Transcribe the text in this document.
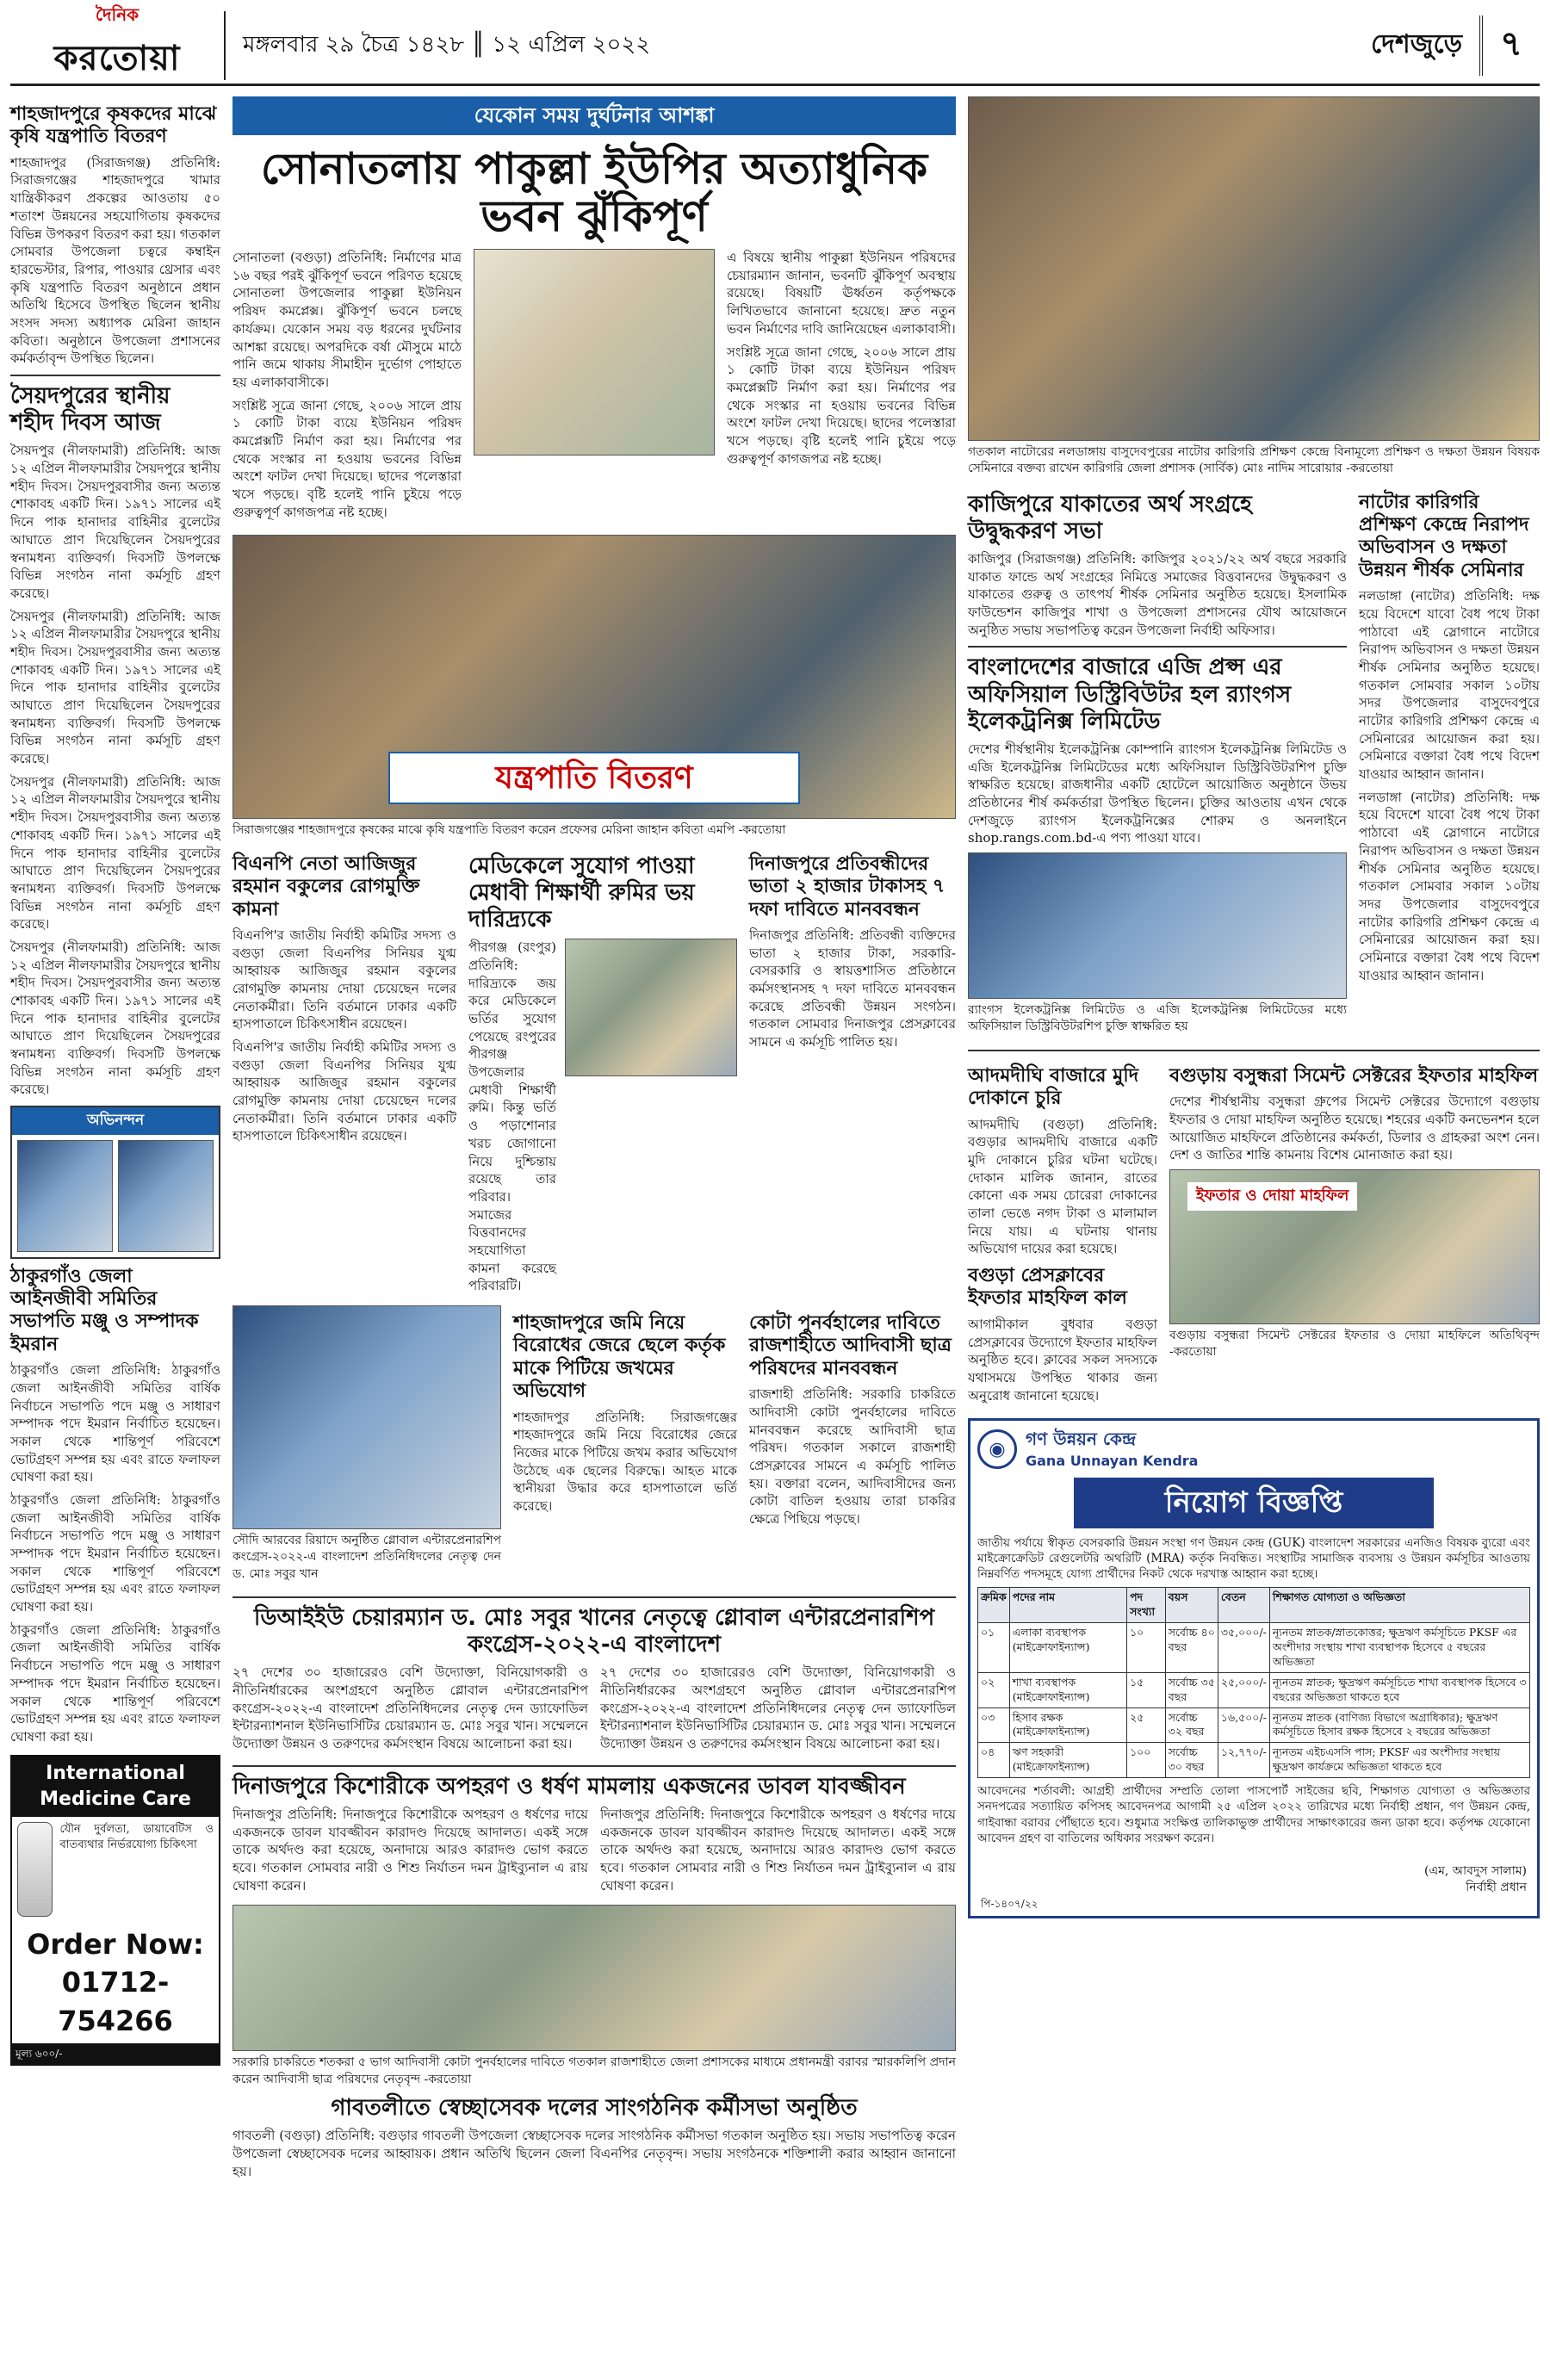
দৈনিক
করতোয়া	মঙ্গলবার ২৯ চৈত্র ১৪২৮ ║ ১২ এপ্রিল ২০২২	দেশজুড়ে	৭
শাহজাদপুরে কৃষকদের মাঝে কৃষি যন্ত্রপাতি বিতরণ

শাহজাদপুর (সিরাজগঞ্জ) প্রতিনিধি: সিরাজগঞ্জের শাহজাদপুরে খামার যান্ত্রিকীকরণ প্রকল্পের আওতায় ৫০ শতাংশ উন্নয়নের সহযোগিতায় কৃষকদের বিভিন্ন উপকরণ বিতরণ করা হয়। গতকাল সোমবার উপজেলা চত্বরে কম্বাইন হারভেস্টার, রিপার, পাওয়ার থ্রেসার এবং কৃষি যন্ত্রপাতি বিতরণ অনুষ্ঠানে প্রধান অতিথি হিসেবে উপস্থিত ছিলেন স্থানীয় সংসদ সদস্য অধ্যাপক মেরিনা জাহান কবিতা। অনুষ্ঠানে উপজেলা প্রশাসনের কর্মকর্তাবৃন্দ উপস্থিত ছিলেন।

সৈয়দপুরের স্থানীয় শহীদ দিবস আজ

সৈয়দপুর (নীলফামারী) প্রতিনিধি: আজ ১২ এপ্রিল নীলফামারীর সৈয়দপুরে স্থানীয় শহীদ দিবস। সৈয়দপুরবাসীর জন্য অত্যন্ত শোকাবহ একটি দিন। ১৯৭১ সালের এই দিনে পাক হানাদার বাহিনীর বুলেটের আঘাতে প্রাণ দিয়েছিলেন সৈয়দপুরের স্বনামধন্য ব্যক্তিবর্গ। দিবসটি উপলক্ষে বিভিন্ন সংগঠন নানা কর্মসূচি গ্রহণ করেছে।

সৈয়দপুর (নীলফামারী) প্রতিনিধি: আজ ১২ এপ্রিল নীলফামারীর সৈয়দপুরে স্থানীয় শহীদ দিবস। সৈয়দপুরবাসীর জন্য অত্যন্ত শোকাবহ একটি দিন। ১৯৭১ সালের এই দিনে পাক হানাদার বাহিনীর বুলেটের আঘাতে প্রাণ দিয়েছিলেন সৈয়দপুরের স্বনামধন্য ব্যক্তিবর্গ। দিবসটি উপলক্ষে বিভিন্ন সংগঠন নানা কর্মসূচি গ্রহণ করেছে।

সৈয়দপুর (নীলফামারী) প্রতিনিধি: আজ ১২ এপ্রিল নীলফামারীর সৈয়দপুরে স্থানীয় শহীদ দিবস। সৈয়দপুরবাসীর জন্য অত্যন্ত শোকাবহ একটি দিন। ১৯৭১ সালের এই দিনে পাক হানাদার বাহিনীর বুলেটের আঘাতে প্রাণ দিয়েছিলেন সৈয়দপুরের স্বনামধন্য ব্যক্তিবর্গ। দিবসটি উপলক্ষে বিভিন্ন সংগঠন নানা কর্মসূচি গ্রহণ করেছে।

সৈয়দপুর (নীলফামারী) প্রতিনিধি: আজ ১২ এপ্রিল নীলফামারীর সৈয়দপুরে স্থানীয় শহীদ দিবস। সৈয়দপুরবাসীর জন্য অত্যন্ত শোকাবহ একটি দিন। ১৯৭১ সালের এই দিনে পাক হানাদার বাহিনীর বুলেটের আঘাতে প্রাণ দিয়েছিলেন সৈয়দপুরের স্বনামধন্য ব্যক্তিবর্গ। দিবসটি উপলক্ষে বিভিন্ন সংগঠন নানা কর্মসূচি গ্রহণ করেছে।

অভিনন্দন
ঠাকুরগাঁও জেলা আইনজীবী সমিতির সভাপতি মঞ্জু ও সম্পাদক ইমরান

ঠাকুরগাঁও জেলা প্রতিনিধি: ঠাকুরগাঁও জেলা আইনজীবী সমিতির বার্ষিক নির্বাচনে সভাপতি পদে মঞ্জু ও সাধারণ সম্পাদক পদে ইমরান নির্বাচিত হয়েছেন। সকাল থেকে শান্তিপূর্ণ পরিবেশে ভোটগ্রহণ সম্পন্ন হয় এবং রাতে ফলাফল ঘোষণা করা হয়।

ঠাকুরগাঁও জেলা প্রতিনিধি: ঠাকুরগাঁও জেলা আইনজীবী সমিতির বার্ষিক নির্বাচনে সভাপতি পদে মঞ্জু ও সাধারণ সম্পাদক পদে ইমরান নির্বাচিত হয়েছেন। সকাল থেকে শান্তিপূর্ণ পরিবেশে ভোটগ্রহণ সম্পন্ন হয় এবং রাতে ফলাফল ঘোষণা করা হয়।

ঠাকুরগাঁও জেলা প্রতিনিধি: ঠাকুরগাঁও জেলা আইনজীবী সমিতির বার্ষিক নির্বাচনে সভাপতি পদে মঞ্জু ও সাধারণ সম্পাদক পদে ইমরান নির্বাচিত হয়েছেন। সকাল থেকে শান্তিপূর্ণ পরিবেশে ভোটগ্রহণ সম্পন্ন হয় এবং রাতে ফলাফল ঘোষণা করা হয়।

International Medicine Care
যৌন দুর্বলতা, ডায়াবেটিস ও বাতব্যথার নির্ভরযোগ্য চিকিৎসা
Order Now: 01712-754266
মূল্য ৬০০/-
যেকোন সময় দুর্ঘটনার আশঙ্কা
সোনাতলায় পাকুল্লা ইউপির অত্যাধুনিক ভবন ঝুঁকিপূর্ণ

সোনাতলা (বগুড়া) প্রতিনিধি: নির্মাণের মাত্র ১৬ বছর পরই ঝুঁকিপূর্ণ ভবনে পরিণত হয়েছে সোনাতলা উপজেলার পাকুল্লা ইউনিয়ন পরিষদ কমপ্লেক্স। ঝুঁকিপূর্ণ ভবনে চলছে কার্যক্রম। যেকোন সময় বড় ধরনের দুর্ঘটনার আশঙ্কা রয়েছে। অপরদিকে বর্ষা মৌসুমে মাঠে পানি জমে থাকায় সীমাহীন দুর্ভোগ পোহাতে হয় এলাকাবাসীকে।

সংশ্লিষ্ট সূত্রে জানা গেছে, ২০০৬ সালে প্রায় ১ কোটি টাকা ব্যয়ে ইউনিয়ন পরিষদ কমপ্লেক্সটি নির্মাণ করা হয়। নির্মাণের পর থেকে সংস্কার না হওয়ায় ভবনের বিভিন্ন অংশে ফাটল দেখা দিয়েছে। ছাদের পলেস্তারা খসে পড়ছে। বৃষ্টি হলেই পানি চুইয়ে পড়ে গুরুত্বপূর্ণ কাগজপত্র নষ্ট হচ্ছে।

এ বিষয়ে স্থানীয় পাকুল্লা ইউনিয়ন পরিষদের চেয়ারম্যান জানান, ভবনটি ঝুঁকিপূর্ণ অবস্থায় রয়েছে। বিষয়টি ঊর্ধ্বতন কর্তৃপক্ষকে লিখিতভাবে জানানো হয়েছে। দ্রুত নতুন ভবন নির্মাণের দাবি জানিয়েছেন এলাকাবাসী।

সংশ্লিষ্ট সূত্রে জানা গেছে, ২০০৬ সালে প্রায় ১ কোটি টাকা ব্যয়ে ইউনিয়ন পরিষদ কমপ্লেক্সটি নির্মাণ করা হয়। নির্মাণের পর থেকে সংস্কার না হওয়ায় ভবনের বিভিন্ন অংশে ফাটল দেখা দিয়েছে। ছাদের পলেস্তারা খসে পড়ছে। বৃষ্টি হলেই পানি চুইয়ে পড়ে গুরুত্বপূর্ণ কাগজপত্র নষ্ট হচ্ছে।

যন্ত্রপাতি বিতরণ
সিরাজগঞ্জের শাহজাদপুরে কৃষকের মাঝে কৃষি যন্ত্রপাতি বিতরণ করেন প্রফেসর মেরিনা জাহান কবিতা এমপি -করতোয়া
বিএনপি নেতা আজিজুর রহমান বকুলের রোগমুক্তি কামনা

বিএনপি'র জাতীয় নির্বাহী কমিটির সদস্য ও বগুড়া জেলা বিএনপির সিনিয়র যুগ্ম আহ্বায়ক আজিজুর রহমান বকুলের রোগমুক্তি কামনায় দোয়া চেয়েছেন দলের নেতাকর্মীরা। তিনি বর্তমানে ঢাকার একটি হাসপাতালে চিকিৎসাধীন রয়েছেন।

বিএনপি'র জাতীয় নির্বাহী কমিটির সদস্য ও বগুড়া জেলা বিএনপির সিনিয়র যুগ্ম আহ্বায়ক আজিজুর রহমান বকুলের রোগমুক্তি কামনায় দোয়া চেয়েছেন দলের নেতাকর্মীরা। তিনি বর্তমানে ঢাকার একটি হাসপাতালে চিকিৎসাধীন রয়েছেন।

মেডিকেলে সুযোগ পাওয়া মেধাবী শিক্ষার্থী রুমির ভয় দারিদ্র্যকে

পীরগঞ্জ (রংপুর) প্রতিনিধি: দারিদ্র্যকে জয় করে মেডিকেলে ভর্তির সুযোগ পেয়েছে রংপুরের পীরগঞ্জ উপজেলার মেধাবী শিক্ষার্থী রুমি। কিন্তু ভর্তি ও পড়াশোনার খরচ জোগানো নিয়ে দুশ্চিন্তায় রয়েছে তার পরিবার। সমাজের বিত্তবানদের সহযোগিতা কামনা করেছে পরিবারটি।

দিনাজপুরে প্রতিবন্ধীদের ভাতা ২ হাজার টাকাসহ ৭ দফা দাবিতে মানববন্ধন

দিনাজপুর প্রতিনিধি: প্রতিবন্ধী ব্যক্তিদের ভাতা ২ হাজার টাকা, সরকারি-বেসরকারি ও স্বায়ত্তশাসিত প্রতিষ্ঠানে কর্মসংস্থানসহ ৭ দফা দাবিতে মানববন্ধন করেছে প্রতিবন্ধী উন্নয়ন সংগঠন। গতকাল সোমবার দিনাজপুর প্রেসক্লাবের সামনে এ কর্মসূচি পালিত হয়।

সৌদি আরবের রিয়াদে অনুষ্ঠিত গ্লোবাল এন্টারপ্রেনারশিপ কংগ্রেস-২০২২-এ বাংলাদেশ প্রতিনিধিদলের নেতৃত্ব দেন ড. মোঃ সবুর খান
শাহজাদপুরে জমি নিয়ে বিরোধের জেরে ছেলে কর্তৃক মাকে পিটিয়ে জখমের অভিযোগ

শাহজাদপুর প্রতিনিধি: সিরাজগঞ্জের শাহজাদপুরে জমি নিয়ে বিরোধের জেরে নিজের মাকে পিটিয়ে জখম করার অভিযোগ উঠেছে এক ছেলের বিরুদ্ধে। আহত মাকে স্থানীয়রা উদ্ধার করে হাসপাতালে ভর্তি করেছে।

কোটা পুনর্বহালের দাবিতে রাজশাহীতে আদিবাসী ছাত্র পরিষদের মানববন্ধন

রাজশাহী প্রতিনিধি: সরকারি চাকরিতে আদিবাসী কোটা পুনর্বহালের দাবিতে মানববন্ধন করেছে আদিবাসী ছাত্র পরিষদ। গতকাল সকালে রাজশাহী প্রেসক্লাবের সামনে এ কর্মসূচি পালিত হয়। বক্তারা বলেন, আদিবাসীদের জন্য কোটা বাতিল হওয়ায় তারা চাকরির ক্ষেত্রে পিছিয়ে পড়ছে।

ডিআইইউ চেয়ারম্যান ড. মোঃ সবুর খানের নেতৃত্বে গ্লোবাল এন্টারপ্রেনারশিপ কংগ্রেস-২০২২-এ বাংলাদেশ

২৭ দেশের ৩০ হাজারেরও বেশি উদ্যোক্তা, বিনিয়োগকারী ও নীতিনির্ধারকের অংশগ্রহণে অনুষ্ঠিত গ্লোবাল এন্টারপ্রেনারশিপ কংগ্রেস-২০২২-এ বাংলাদেশ প্রতিনিধিদলের নেতৃত্ব দেন ড্যাফোডিল ইন্টারন্যাশনাল ইউনিভার্সিটির চেয়ারম্যান ড. মোঃ সবুর খান। সম্মেলনে উদ্যোক্তা উন্নয়ন ও তরুণদের কর্মসংস্থান বিষয়ে আলোচনা করা হয়।

২৭ দেশের ৩০ হাজারেরও বেশি উদ্যোক্তা, বিনিয়োগকারী ও নীতিনির্ধারকের অংশগ্রহণে অনুষ্ঠিত গ্লোবাল এন্টারপ্রেনারশিপ কংগ্রেস-২০২২-এ বাংলাদেশ প্রতিনিধিদলের নেতৃত্ব দেন ড্যাফোডিল ইন্টারন্যাশনাল ইউনিভার্সিটির চেয়ারম্যান ড. মোঃ সবুর খান। সম্মেলনে উদ্যোক্তা উন্নয়ন ও তরুণদের কর্মসংস্থান বিষয়ে আলোচনা করা হয়।

দিনাজপুরে কিশোরীকে অপহরণ ও ধর্ষণ মামলায় একজনের ডাবল যাবজ্জীবন

দিনাজপুর প্রতিনিধি: দিনাজপুরে কিশোরীকে অপহরণ ও ধর্ষণের দায়ে একজনকে ডাবল যাবজ্জীবন কারাদণ্ড দিয়েছে আদালত। একই সঙ্গে তাকে অর্থদণ্ড করা হয়েছে, অনাদায়ে আরও কারাদণ্ড ভোগ করতে হবে। গতকাল সোমবার নারী ও শিশু নির্যাতন দমন ট্রাইব্যুনাল এ রায় ঘোষণা করেন।

দিনাজপুর প্রতিনিধি: দিনাজপুরে কিশোরীকে অপহরণ ও ধর্ষণের দায়ে একজনকে ডাবল যাবজ্জীবন কারাদণ্ড দিয়েছে আদালত। একই সঙ্গে তাকে অর্থদণ্ড করা হয়েছে, অনাদায়ে আরও কারাদণ্ড ভোগ করতে হবে। গতকাল সোমবার নারী ও শিশু নির্যাতন দমন ট্রাইব্যুনাল এ রায় ঘোষণা করেন।

সরকারি চাকরিতে শতকরা ৫ ভাগ আদিবাসী কোটা পুনর্বহালের দাবিতে গতকাল রাজশাহীতে জেলা প্রশাসকের মাধ্যমে প্রধানমন্ত্রী বরাবর স্মারকলিপি প্রদান করেন আদিবাসী ছাত্র পরিষদের নেতৃবৃন্দ -করতোয়া
গাবতলীতে স্বেচ্ছাসেবক দলের সাংগঠনিক কর্মীসভা অনুষ্ঠিত

গাবতলী (বগুড়া) প্রতিনিধি: বগুড়ার গাবতলী উপজেলা স্বেচ্ছাসেবক দলের সাংগঠনিক কর্মীসভা গতকাল অনুষ্ঠিত হয়। সভায় সভাপতিত্ব করেন উপজেলা স্বেচ্ছাসেবক দলের আহ্বায়ক। প্রধান অতিথি ছিলেন জেলা বিএনপির নেতৃবৃন্দ। সভায় সংগঠনকে শক্তিশালী করার আহ্বান জানানো হয়।

গতকাল নাটোরের নলডাঙ্গায় বাসুদেবপুরের নাটোর কারিগরি প্রশিক্ষণ কেন্দ্রে বিনামূল্যে প্রশিক্ষণ ও দক্ষতা উন্নয়ন বিষয়ক সেমিনারে বক্তব্য রাখেন কারিগরি জেলা প্রশাসক (সার্বিক) মোঃ নাদিম সারোয়ার -করতোয়া
কাজিপুরে যাকাতের অর্থ সংগ্রহে উদ্বুদ্ধকরণ সভা

কাজিপুর (সিরাজগঞ্জ) প্রতিনিধি: কাজিপুর ২০২১/২২ অর্থ বছরে সরকারি যাকাত ফান্ডে অর্থ সংগ্রহের নিমিত্তে সমাজের বিত্তবানদের উদ্বুদ্ধকরণ ও যাকাতের গুরুত্ব ও তাৎপর্য শীর্ষক সেমিনার অনুষ্ঠিত হয়েছে। ইসলামিক ফাউন্ডেশন কাজিপুর শাখা ও উপজেলা প্রশাসনের যৌথ আয়োজনে অনুষ্ঠিত সভায় সভাপতিত্ব করেন উপজেলা নির্বাহী অফিসার।

বাংলাদেশের বাজারে এজি প্রপ্স এর অফিসিয়াল ডিস্ট্রিবিউটর হল র‌্যাংগস ইলেকট্রনিক্স লিমিটেড

দেশের শীর্ষস্থানীয় ইলেকট্রনিক্স কোম্পানি র‌্যাংগস ইলেকট্রনিক্স লিমিটেড ও এজি ইলেকট্রনিক্স লিমিটেডের মধ্যে অফিসিয়াল ডিস্ট্রিবিউটরশিপ চুক্তি স্বাক্ষরিত হয়েছে। রাজধানীর একটি হোটেলে আয়োজিত অনুষ্ঠানে উভয় প্রতিষ্ঠানের শীর্ষ কর্মকর্তারা উপস্থিত ছিলেন। চুক্তির আওতায় এখন থেকে দেশজুড়ে র‌্যাংগস ইলেকট্রনিক্সের শোরুম ও অনলাইনে shop.rangs.com.bd-এ পণ্য পাওয়া যাবে।

র‌্যাংগস ইলেকট্রনিক্স লিমিটেড ও এজি ইলেকট্রনিক্স লিমিটেডের মধ্যে অফিসিয়াল ডিস্ট্রিবিউটরশিপ চুক্তি স্বাক্ষরিত হয়
নাটোর কারিগরি প্রশিক্ষণ কেন্দ্রে নিরাপদ অভিবাসন ও দক্ষতা উন্নয়ন শীর্ষক সেমিনার

নলডাঙ্গা (নাটোর) প্রতিনিধি: দক্ষ হয়ে বিদেশে যাবো বৈধ পথে টাকা পাঠাবো এই স্লোগানে নাটোরে নিরাপদ অভিবাসন ও দক্ষতা উন্নয়ন শীর্ষক সেমিনার অনুষ্ঠিত হয়েছে। গতকাল সোমবার সকাল ১০টায় সদর উপজেলার বাসুদেবপুরে নাটোর কারিগরি প্রশিক্ষণ কেন্দ্রে এ সেমিনারের আয়োজন করা হয়। সেমিনারে বক্তারা বৈধ পথে বিদেশ যাওয়ার আহ্বান জানান।

নলডাঙ্গা (নাটোর) প্রতিনিধি: দক্ষ হয়ে বিদেশে যাবো বৈধ পথে টাকা পাঠাবো এই স্লোগানে নাটোরে নিরাপদ অভিবাসন ও দক্ষতা উন্নয়ন শীর্ষক সেমিনার অনুষ্ঠিত হয়েছে। গতকাল সোমবার সকাল ১০টায় সদর উপজেলার বাসুদেবপুরে নাটোর কারিগরি প্রশিক্ষণ কেন্দ্রে এ সেমিনারের আয়োজন করা হয়। সেমিনারে বক্তারা বৈধ পথে বিদেশ যাওয়ার আহ্বান জানান।

আদমদীঘি বাজারে মুদি দোকানে চুরি

আদমদীঘি (বগুড়া) প্রতিনিধি: বগুড়ার আদমদীঘি বাজারে একটি মুদি দোকানে চুরির ঘটনা ঘটেছে। দোকান মালিক জানান, রাতের কোনো এক সময় চোরেরা দোকানের তালা ভেঙে নগদ টাকা ও মালামাল নিয়ে যায়। এ ঘটনায় থানায় অভিযোগ দায়ের করা হয়েছে।

বগুড়া প্রেসক্লাবের ইফতার মাহফিল কাল

আগামীকাল বুধবার বগুড়া প্রেসক্লাবের উদ্যোগে ইফতার মাহফিল অনুষ্ঠিত হবে। ক্লাবের সকল সদস্যকে যথাসময়ে উপস্থিত থাকার জন্য অনুরোধ জানানো হয়েছে।

বগুড়ায় বসুন্ধরা সিমেন্ট সেক্টরের ইফতার মাহফিল

দেশের শীর্ষস্থানীয় বসুন্ধরা গ্রুপের সিমেন্ট সেক্টরের উদ্যোগে বগুড়ায় ইফতার ও দোয়া মাহফিল অনুষ্ঠিত হয়েছে। শহরের একটি কনভেনশন হলে আয়োজিত মাহফিলে প্রতিষ্ঠানের কর্মকর্তা, ডিলার ও গ্রাহকরা অংশ নেন। দেশ ও জাতির শান্তি কামনায় বিশেষ মোনাজাত করা হয়।

ইফতার ও দোয়া মাহফিল
বগুড়ায় বসুন্ধরা সিমেন্ট সেক্টরের ইফতার ও দোয়া মাহফিলে অতিথিবৃন্দ -করতোয়া
◉	গণ উন্নয়ন কেন্দ্র
Gana Unnayan Kendra
নিয়োগ বিজ্ঞপ্তি

জাতীয় পর্যায়ে স্বীকৃত বেসরকারি উন্নয়ন সংস্থা গণ উন্নয়ন কেন্দ্র (GUK) বাংলাদেশ সরকারের এনজিও বিষয়ক ব্যুরো এবং মাইক্রোক্রেডিট রেগুলেটরি অথরিটি (MRA) কর্তৃক নিবন্ধিত। সংস্থাটির সামাজিক ব্যবসায় ও উন্নয়ন কর্মসূচির আওতায় নিম্নবর্ণিত পদসমূহে যোগ্য প্রার্থীদের নিকট থেকে দরখাস্ত আহ্বান করা হচ্ছে।

ক্রমিক	পদের নাম	পদ সংখ্যা	বয়স	বেতন	শিক্ষাগত যোগ্যতা ও অভিজ্ঞতা
০১	এলাকা ব্যবস্থাপক (মাইক্রোফাইন্যান্স)	১০	সর্বোচ্চ ৪০ বছর	৩৫,০০০/-	ন্যূনতম স্নাতক/স্নাতকোত্তর; ক্ষুদ্রঋণ কর্মসূচিতে PKSF এর অংশীদার সংস্থায় শাখা ব্যবস্থাপক হিসেবে ৫ বছরের অভিজ্ঞতা
০২	শাখা ব্যবস্থাপক (মাইক্রোফাইন্যান্স)	১৫	সর্বোচ্চ ৩৫ বছর	২৫,০০০/-	ন্যূনতম স্নাতক; ক্ষুদ্রঋণ কর্মসূচিতে শাখা ব্যবস্থাপক হিসেবে ৩ বছরের অভিজ্ঞতা থাকতে হবে
০৩	হিসাব রক্ষক (মাইক্রোফাইন্যান্স)	২৫	সর্বোচ্চ ৩২ বছর	১৬,৫০০/-	ন্যূনতম স্নাতক (বাণিজ্য বিভাগে অগ্রাধিকার); ক্ষুদ্রঋণ কর্মসূচিতে হিসাব রক্ষক হিসেবে ২ বছরের অভিজ্ঞতা
০৪	ঋণ সহকারী (মাইক্রোফাইন্যান্স)	১০০	সর্বোচ্চ ৩০ বছর	১২,৭৭০/-	ন্যূনতম এইচএসসি পাস; PKSF এর অংশীদার সংস্থায় ক্ষুদ্রঋণ কার্যক্রমে অভিজ্ঞতা থাকতে হবে

আবেদনের শর্তাবলী: আগ্রহী প্রার্থীদের সম্প্রতি তোলা পাসপোর্ট সাইজের ছবি, শিক্ষাগত যোগ্যতা ও অভিজ্ঞতার সনদপত্রের সত্যায়িত কপিসহ আবেদনপত্র আগামী ২৫ এপ্রিল ২০২২ তারিখের মধ্যে নির্বাহী প্রধান, গণ উন্নয়ন কেন্দ্র, গাইবান্ধা বরাবর পৌঁছাতে হবে। শুধুমাত্র সংক্ষিপ্ত তালিকাভুক্ত প্রার্থীদের সাক্ষাৎকারের জন্য ডাকা হবে। কর্তৃপক্ষ যেকোনো আবেদন গ্রহণ বা বাতিলের অধিকার সংরক্ষণ করেন।

(এম, আবদুস সালাম)
নির্বাহী প্রধান
পি-১৪০৭/২২
